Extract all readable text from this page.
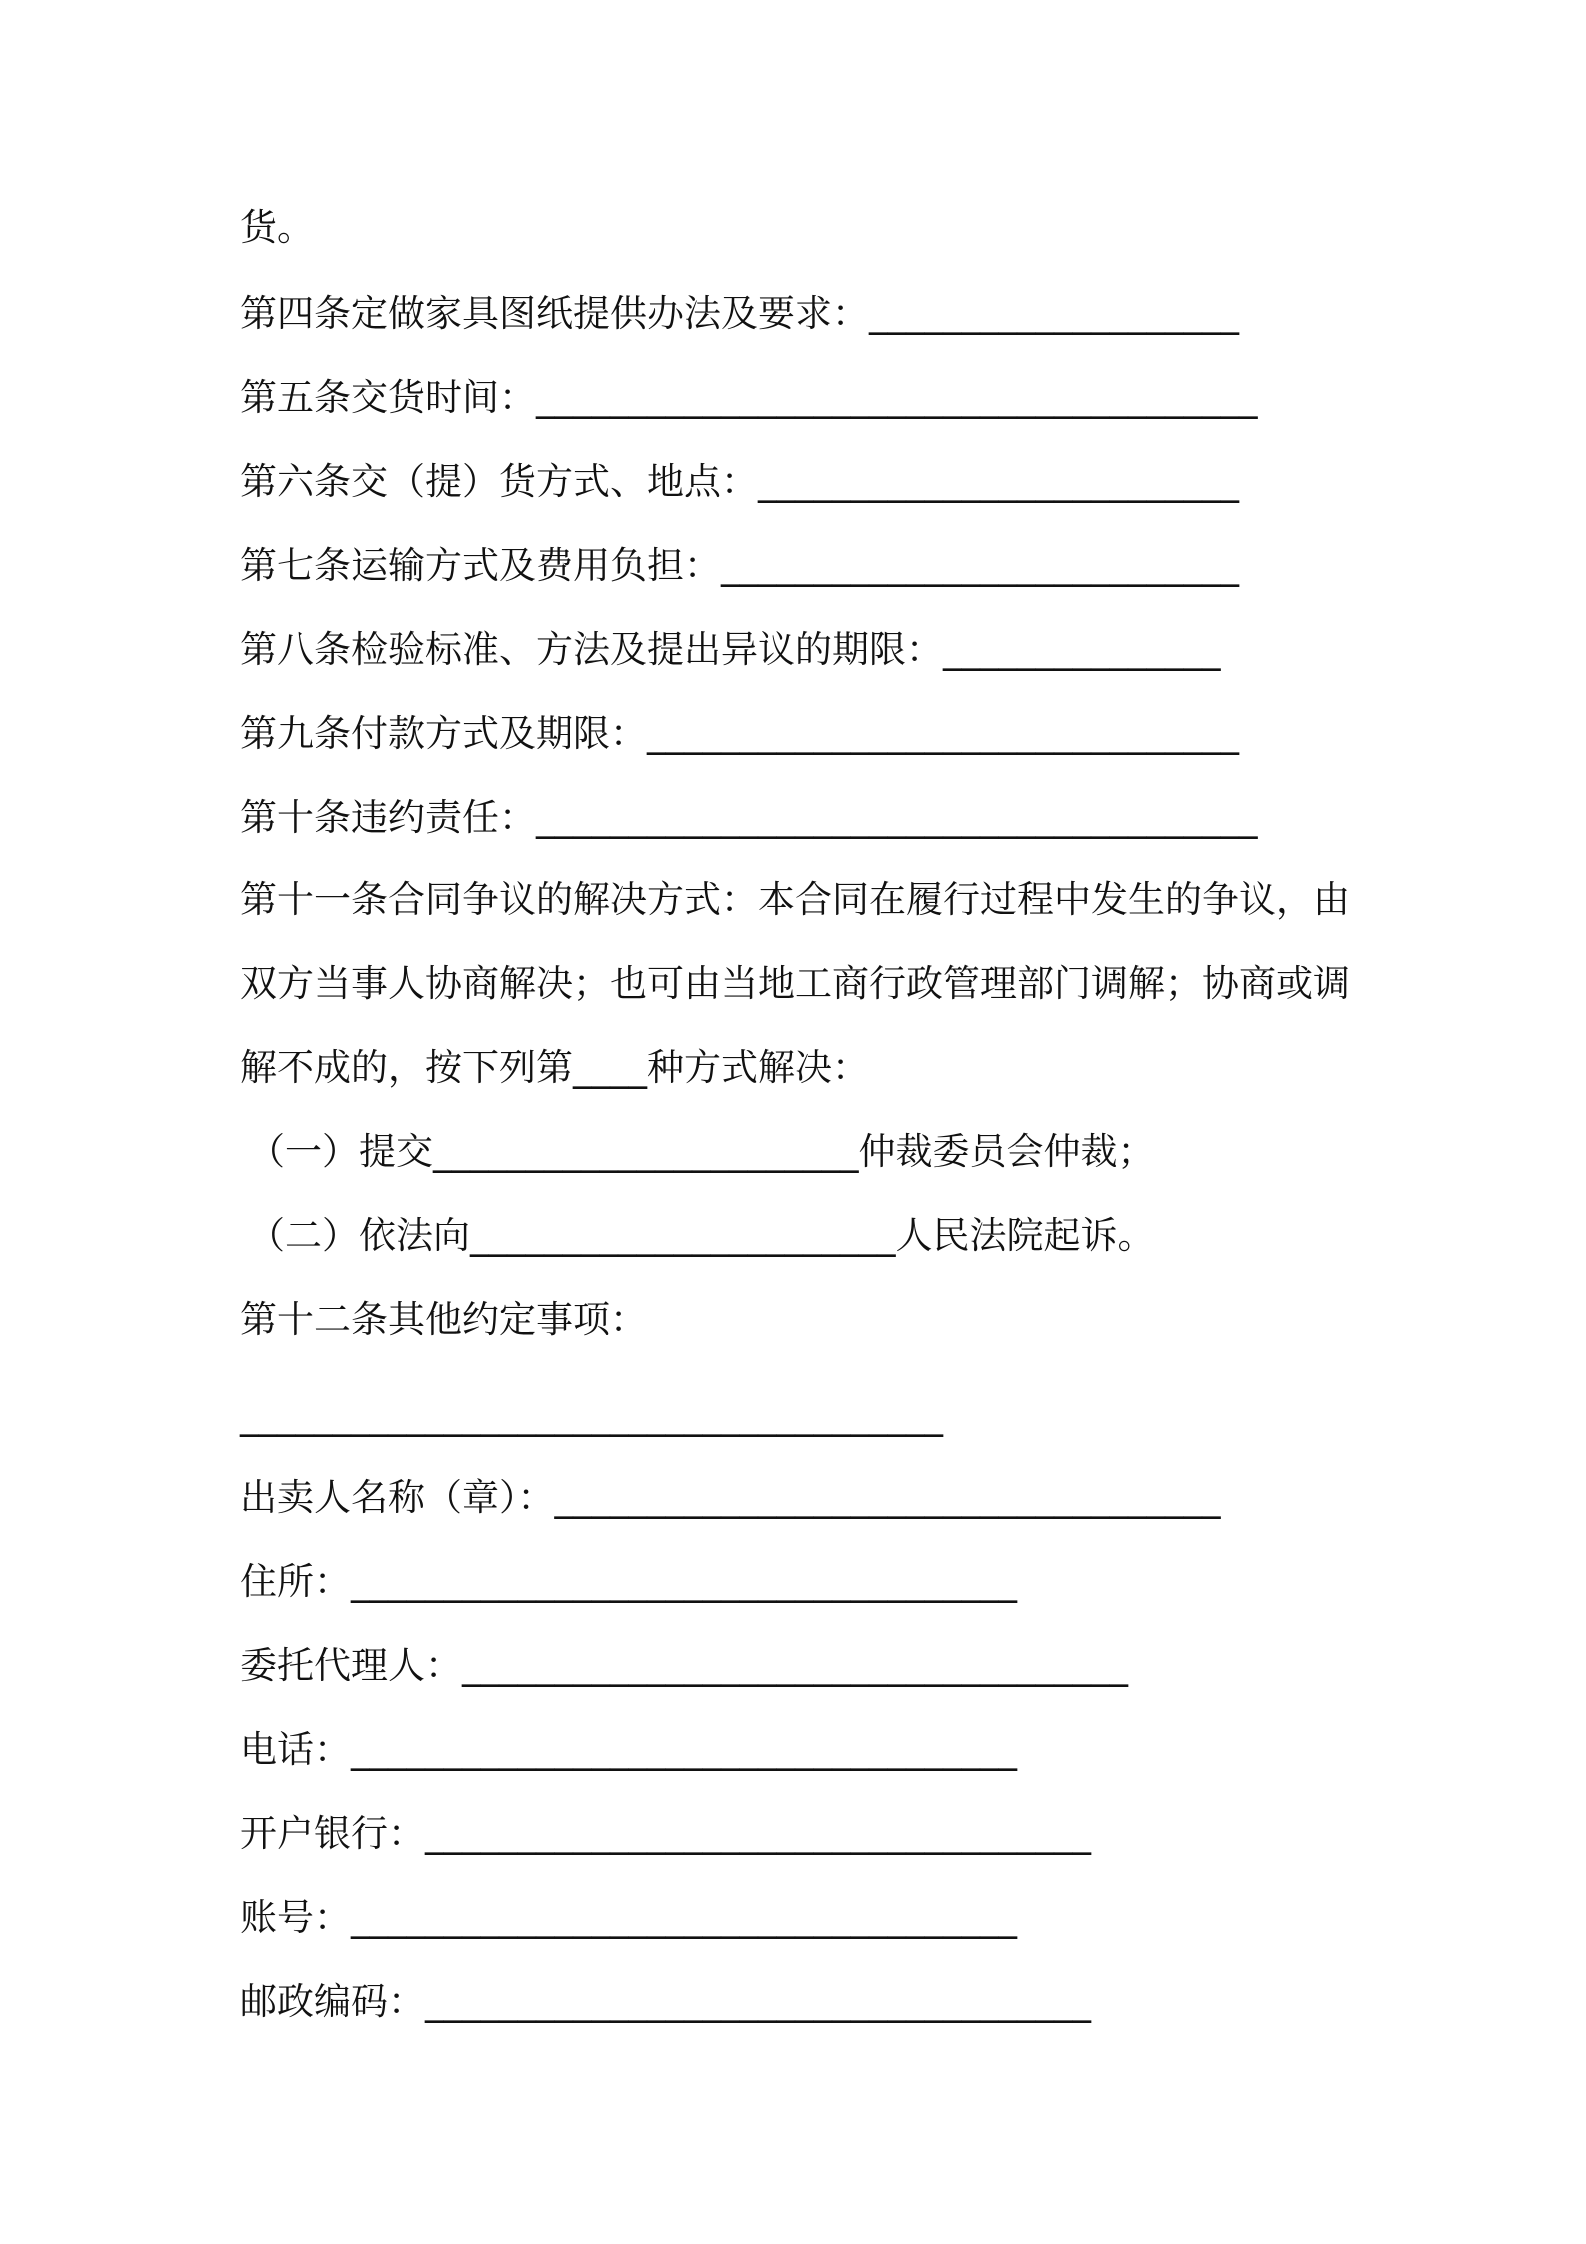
货。
第四条定做家具图纸提供办法及要求：____________________
第五条交货时间：_______________________________________
第六条交（提）货方式、地点：__________________________
第七条运输方式及费用负担：____________________________
第八条检验标准、方法及提出异议的期限：_______________
第九条付款方式及期限：________________________________
第十条违约责任：_______________________________________
第十一条合同争议的解决方式：本合同在履行过程中发生的争议，由
双方当事人协商解决；也可由当地工商行政管理部门调解；协商或调
解不成的，按下列第____种方式解决：
（一）提交_______________________仲裁委员会仲裁；
（二）依法向_______________________人民法院起诉。
第十二条其他约定事项：
______________________________________
出卖人名称（章）：____________________________________
住所：____________________________________
委托代理人：____________________________________
电话：____________________________________
开户银行：____________________________________
账号：____________________________________
邮政编码：____________________________________
